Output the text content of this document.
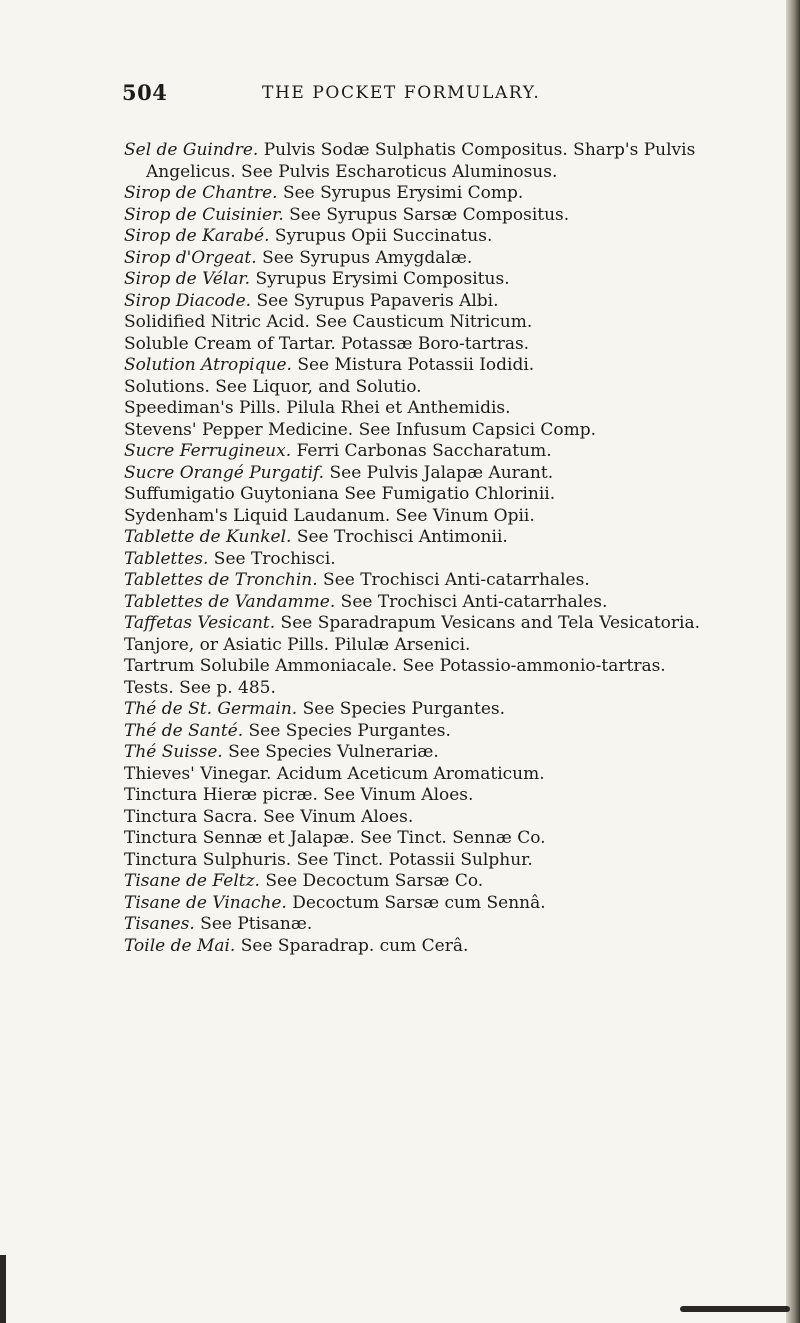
504	THE POCKET FORMULARY.
Sel de Guindre. Pulvis Sodæ Sulphatis Compositus. Sharp's Pulvis Angelicus. See Pulvis Escharoticus Aluminosus.
Sirop de Chantre. See Syrupus Erysimi Comp.
Sirop de Cuisinier. See Syrupus Sarsæ Compositus.
Sirop de Karabé. Syrupus Opii Succinatus.
Sirop d'Orgeat. See Syrupus Amygdalæ.
Sirop de Vélar. Syrupus Erysimi Compositus.
Sirop Diacode. See Syrupus Papaveris Albi.
Solidified Nitric Acid. See Causticum Nitricum.
Soluble Cream of Tartar. Potassæ Boro-tartras.
Solution Atropique. See Mistura Potassii Iodidi.
Solutions. See Liquor, and Solutio.
Speediman's Pills. Pilula Rhei et Anthemidis.
Stevens' Pepper Medicine. See Infusum Capsici Comp.
Sucre Ferrugineux. Ferri Carbonas Saccharatum.
Sucre Orangé Purgatif. See Pulvis Jalapæ Aurant.
Suffumigatio Guytoniana See Fumigatio Chlorinii.
Sydenham's Liquid Laudanum. See Vinum Opii.
Tablette de Kunkel. See Trochisci Antimonii.
Tablettes. See Trochisci.
Tablettes de Tronchin. See Trochisci Anti-catarrhales.
Tablettes de Vandamme. See Trochisci Anti-catarrhales.
Taffetas Vesicant. See Sparadrapum Vesicans and Tela Vesicatoria.
Tanjore, or Asiatic Pills. Pilulæ Arsenici.
Tartrum Solubile Ammoniacale. See Potassio-ammonio-tartras.
Tests. See p. 485.
Thé de St. Germain. See Species Purgantes.
Thé de Santé. See Species Purgantes.
Thé Suisse. See Species Vulnerariæ.
Thieves' Vinegar. Acidum Aceticum Aromaticum.
Tinctura Hieræ picræ. See Vinum Aloes.
Tinctura Sacra. See Vinum Aloes.
Tinctura Sennæ et Jalapæ. See Tinct. Sennæ Co.
Tinctura Sulphuris. See Tinct. Potassii Sulphur.
Tisane de Feltz. See Decoctum Sarsæ Co.
Tisane de Vinache. Decoctum Sarsæ cum Sennâ.
Tisanes. See Ptisanæ.
Toile de Mai. See Sparadrap. cum Cerâ.
